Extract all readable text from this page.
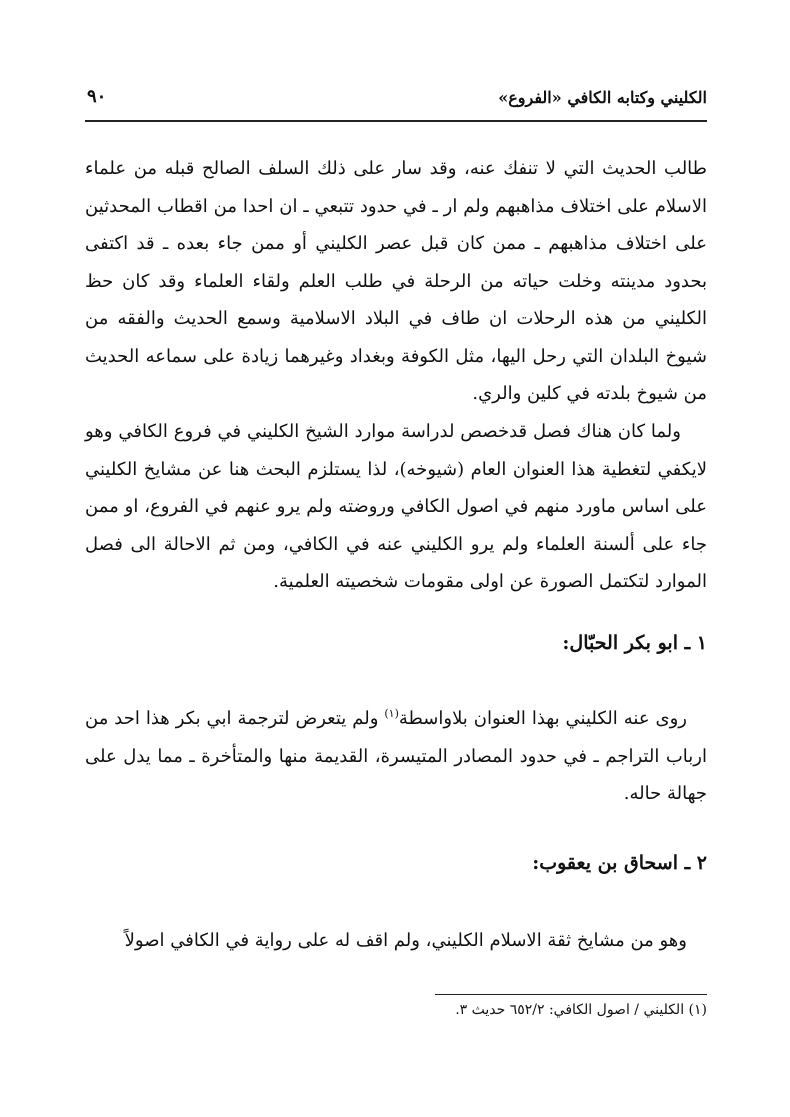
الكليني وكتابه الكافي «الفروع»
٩٠

طالب الحديث التي لا تنفك عنه، وقد سار على ذلك السلف الصالح قبله من علماء الاسلام على اختلاف مذاهبهم ولم ار ـ في حدود تتبعي ـ ان احدا من اقطاب المحدثين على اختلاف مذاهبهم ـ ممن كان قبل عصر الكليني أو ممن جاء بعده ـ قد اكتفى بحدود مدينته وخلت حياته من الرحلة في طلب العلم ولقاء العلماء وقد كان حظ الكليني من هذه الرحلات ان طاف في البلاد الاسلامية وسمع الحديث والفقه من شيوخ البلدان التي رحل اليها، مثل الكوفة وبغداد وغيرهما زيادة على سماعه الحديث من شيوخ بلدته في كلين والري.

ولما كان هناك فصل قدخصص لدراسة موارد الشيخ الكليني في فروع الكافي وهو لايكفي لتغطية هذا العنوان العام (شيوخه)، لذا يستلزم البحث هنا عن مشايخ الكليني على اساس ماورد منهم في اصول الكافي وروضته ولم يرو عنهم في الفروع، او ممن جاء على ألسنة العلماء ولم يرو الكليني عنه في الكافي، ومن ثم الاحالة الى فصل الموارد لتكتمل الصورة عن اولى مقومات شخصيته العلمية.

١ ـ ابو بكر الحبّال:

روى عنه الكليني بهذا العنوان بلاواسطة$^{(١)}$ ولم يتعرض لترجمة ابي بكر هذا احد من ارباب التراجم ـ في حدود المصادر المتيسرة، القديمة منها والمتأخرة ـ مما يدل على جهالة حاله.

٢ ـ اسحاق بن يعقوب:

وهو من مشايخ ثقة الاسلام الكليني، ولم اقف له على رواية في الكافي اصولاً

(١) الكليني / اصول الكافي: ٦٥٢/٢ حديث ٣.
